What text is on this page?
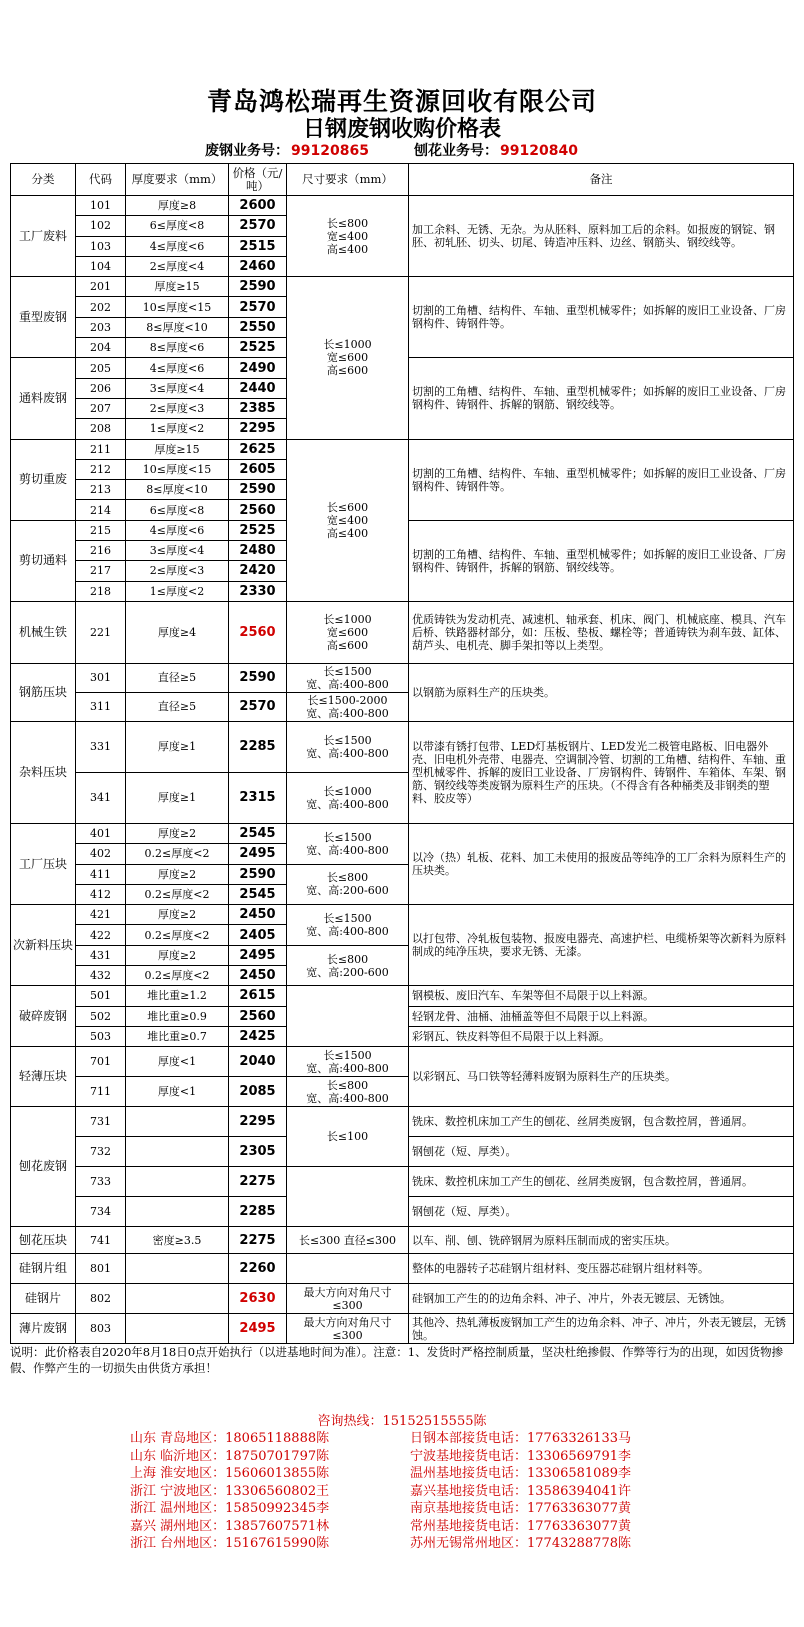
青岛鸿松瑞再生资源回收有限公司
日钢废钢收购价格表
废钢业务号： 99120865	刨花业务号： 99120840
分类	代码	厚度要求（mm）	价格（元/吨）	尺寸要求（mm）	备注
工厂废料	101	厚度≥8	2600	长≤800
宽≤400
高≤400	加工余料、无锈、无杂。为从胚料、原料加工后的余料。如报废的钢锭、钢胚、初轧胚、切头、切尾、铸造冲压料、边丝、钢筋头、钢绞线等。
	102	6≤厚度<8	2570		
	103	4≤厚度<6	2515		
	104	2≤厚度<4	2460		
重型废钢	201	厚度≥15	2590	长≤1000
宽≤600
高≤600	切割的工角槽、结构件、车轴、重型机械零件；如拆解的废旧工业设备、厂房钢构件、铸钢件等。
	202	10≤厚度<15	2570		
	203	8≤厚度<10	2550		
	204	8≤厚度<6	2525		
通料废钢	205	4≤厚度<6	2490		切割的工角槽、结构件、车轴、重型机械零件；如拆解的废旧工业设备、厂房钢构件、铸钢件、拆解的钢筋、钢绞线等。
	206	3≤厚度<4	2440		
	207	2≤厚度<3	2385		
	208	1≤厚度<2	2295		
剪切重废	211	厚度≥15	2625	长≤600
宽≤400
高≤400	切割的工角槽、结构件、车轴、重型机械零件；如拆解的废旧工业设备、厂房钢构件、铸钢件等。
	212	10≤厚度<15	2605		
	213	8≤厚度<10	2590		
	214	6≤厚度<8	2560		
剪切通料	215	4≤厚度<6	2525		切割的工角槽、结构件、车轴、重型机械零件；如拆解的废旧工业设备、厂房钢构件、铸钢件，拆解的钢筋、钢绞线等。
	216	3≤厚度<4	2480		
	217	2≤厚度<3	2420		
	218	1≤厚度<2	2330		
机械生铁	221	厚度≥4	2560	长≤1000
宽≤600
高≤600	优质铸铁为发动机壳、减速机、轴承套、机床、阀门、机械底座、模具、汽车后桥、铁路器材部分，如：压板、垫板、螺栓等；普通铸铁为刹车鼓、缸体、葫芦头、电机壳、脚手架扣等以上类型。
钢筋压块	301	直径≥5	2590	长≤1500
宽、高:400-800	以钢筋为原料生产的压块类。
	311	直径≥5	2570	长≤1500-2000
宽、高:400-800	
杂料压块	331	厚度≥1	2285	长≤1500
宽、高:400-800	以带漆有锈打包带、LED灯基板钢片、LED发光二极管电路板、旧电器外壳、旧电机外壳带、电器壳、空调制冷管、切割的工角槽、结构件、车轴、重型机械零件、拆解的废旧工业设备、厂房钢构件、铸钢件、车箱体、车架、钢筋、钢绞线等类废钢为原料生产的压块。（不得含有各种桶类及非钢类的塑料、胶皮等）
	341	厚度≥1	2315	长≤1000
宽、高:400-800	
工厂压块	401	厚度≥2	2545	长≤1500
宽、高:400-800	以冷（热）轧板、花料、加工未使用的报废品等纯净的工厂余料为原料生产的压块类。
	402	0.2≤厚度<2	2495		
	411	厚度≥2	2590	长≤800
宽、高:200-600	
	412	0.2≤厚度<2	2545		
次新料压块	421	厚度≥2	2450	长≤1500
宽、高:400-800	以打包带、冷轧板包装物、报废电器壳、高速护栏、电缆桥架等次新料为原料制成的纯净压块，要求无锈、无漆。
	422	0.2≤厚度<2	2405		
	431	厚度≥2	2495	长≤800
宽、高:200-600	
	432	0.2≤厚度<2	2450		
破碎废钢	501	堆比重≥1.2	2615		钢模板、废旧汽车、车架等但不局限于以上料源。
	502	堆比重≥0.9	2560		轻钢龙骨、油桶、油桶盖等但不局限于以上料源。
	503	堆比重≥0.7	2425		彩钢瓦、铁皮料等但不局限于以上料源。
轻薄压块	701	厚度<1	2040	长≤1500
宽、高:400-800	以彩钢瓦、马口铁等轻薄料废钢为原料生产的压块类。
	711	厚度<1	2085	长≤800
宽、高:400-800	
刨花废钢	731		2295	长≤100	铣床、数控机床加工产生的刨花、丝屑类废钢，包含数控屑，普通屑。
	732		2305		钢刨花（短、厚类）。
	733		2275		铣床、数控机床加工产生的刨花、丝屑类废钢，包含数控屑，普通屑。
	734		2285		钢刨花（短、厚类）。
刨花压块	741	密度≥3.5	2275	长≤300 直径≤300	以车、削、刨、铣碎钢屑为原料压制而成的密实压块。
硅钢片组	801		2260		整体的电器转子芯硅钢片组材料、变压器芯硅钢片组材料等。
硅钢片	802		2630	最大方向对角尺寸≤300	硅钢加工产生的的边角余料、冲子、冲片，外表无镀层、无锈蚀。
薄片废钢	803		2495	最大方向对角尺寸≤300	其他冷、热轧薄板废钢加工产生的边角余料、冲子、冲片，外表无镀层，无锈蚀。
说明：此价格表自2020年8月18日0点开始执行（以进基地时间为准）。注意：1、发货时严格控制质量，坚决杜绝掺假、作弊等行为的出现，如因货物掺假、作弊产生的一切损失由供货方承担！
咨询热线：15152515555陈
山东 青岛地区：18065118888陈	日钢本部接货电话：17763326133马
山东 临沂地区：18750701797陈	宁波基地接货电话：13306569791李
上海 淮安地区：15606013855陈	温州基地接货电话：13306581089李
浙江 宁波地区：13306560802王	嘉兴基地接货电话：13586394041许
浙江 温州地区：15850992345李	南京基地接货电话：17763363077黄
嘉兴 湖州地区：13857607571林	常州基地接货电话：17763363077黄
浙江 台州地区：15167615990陈	苏州无锡常州地区：17743288778陈
